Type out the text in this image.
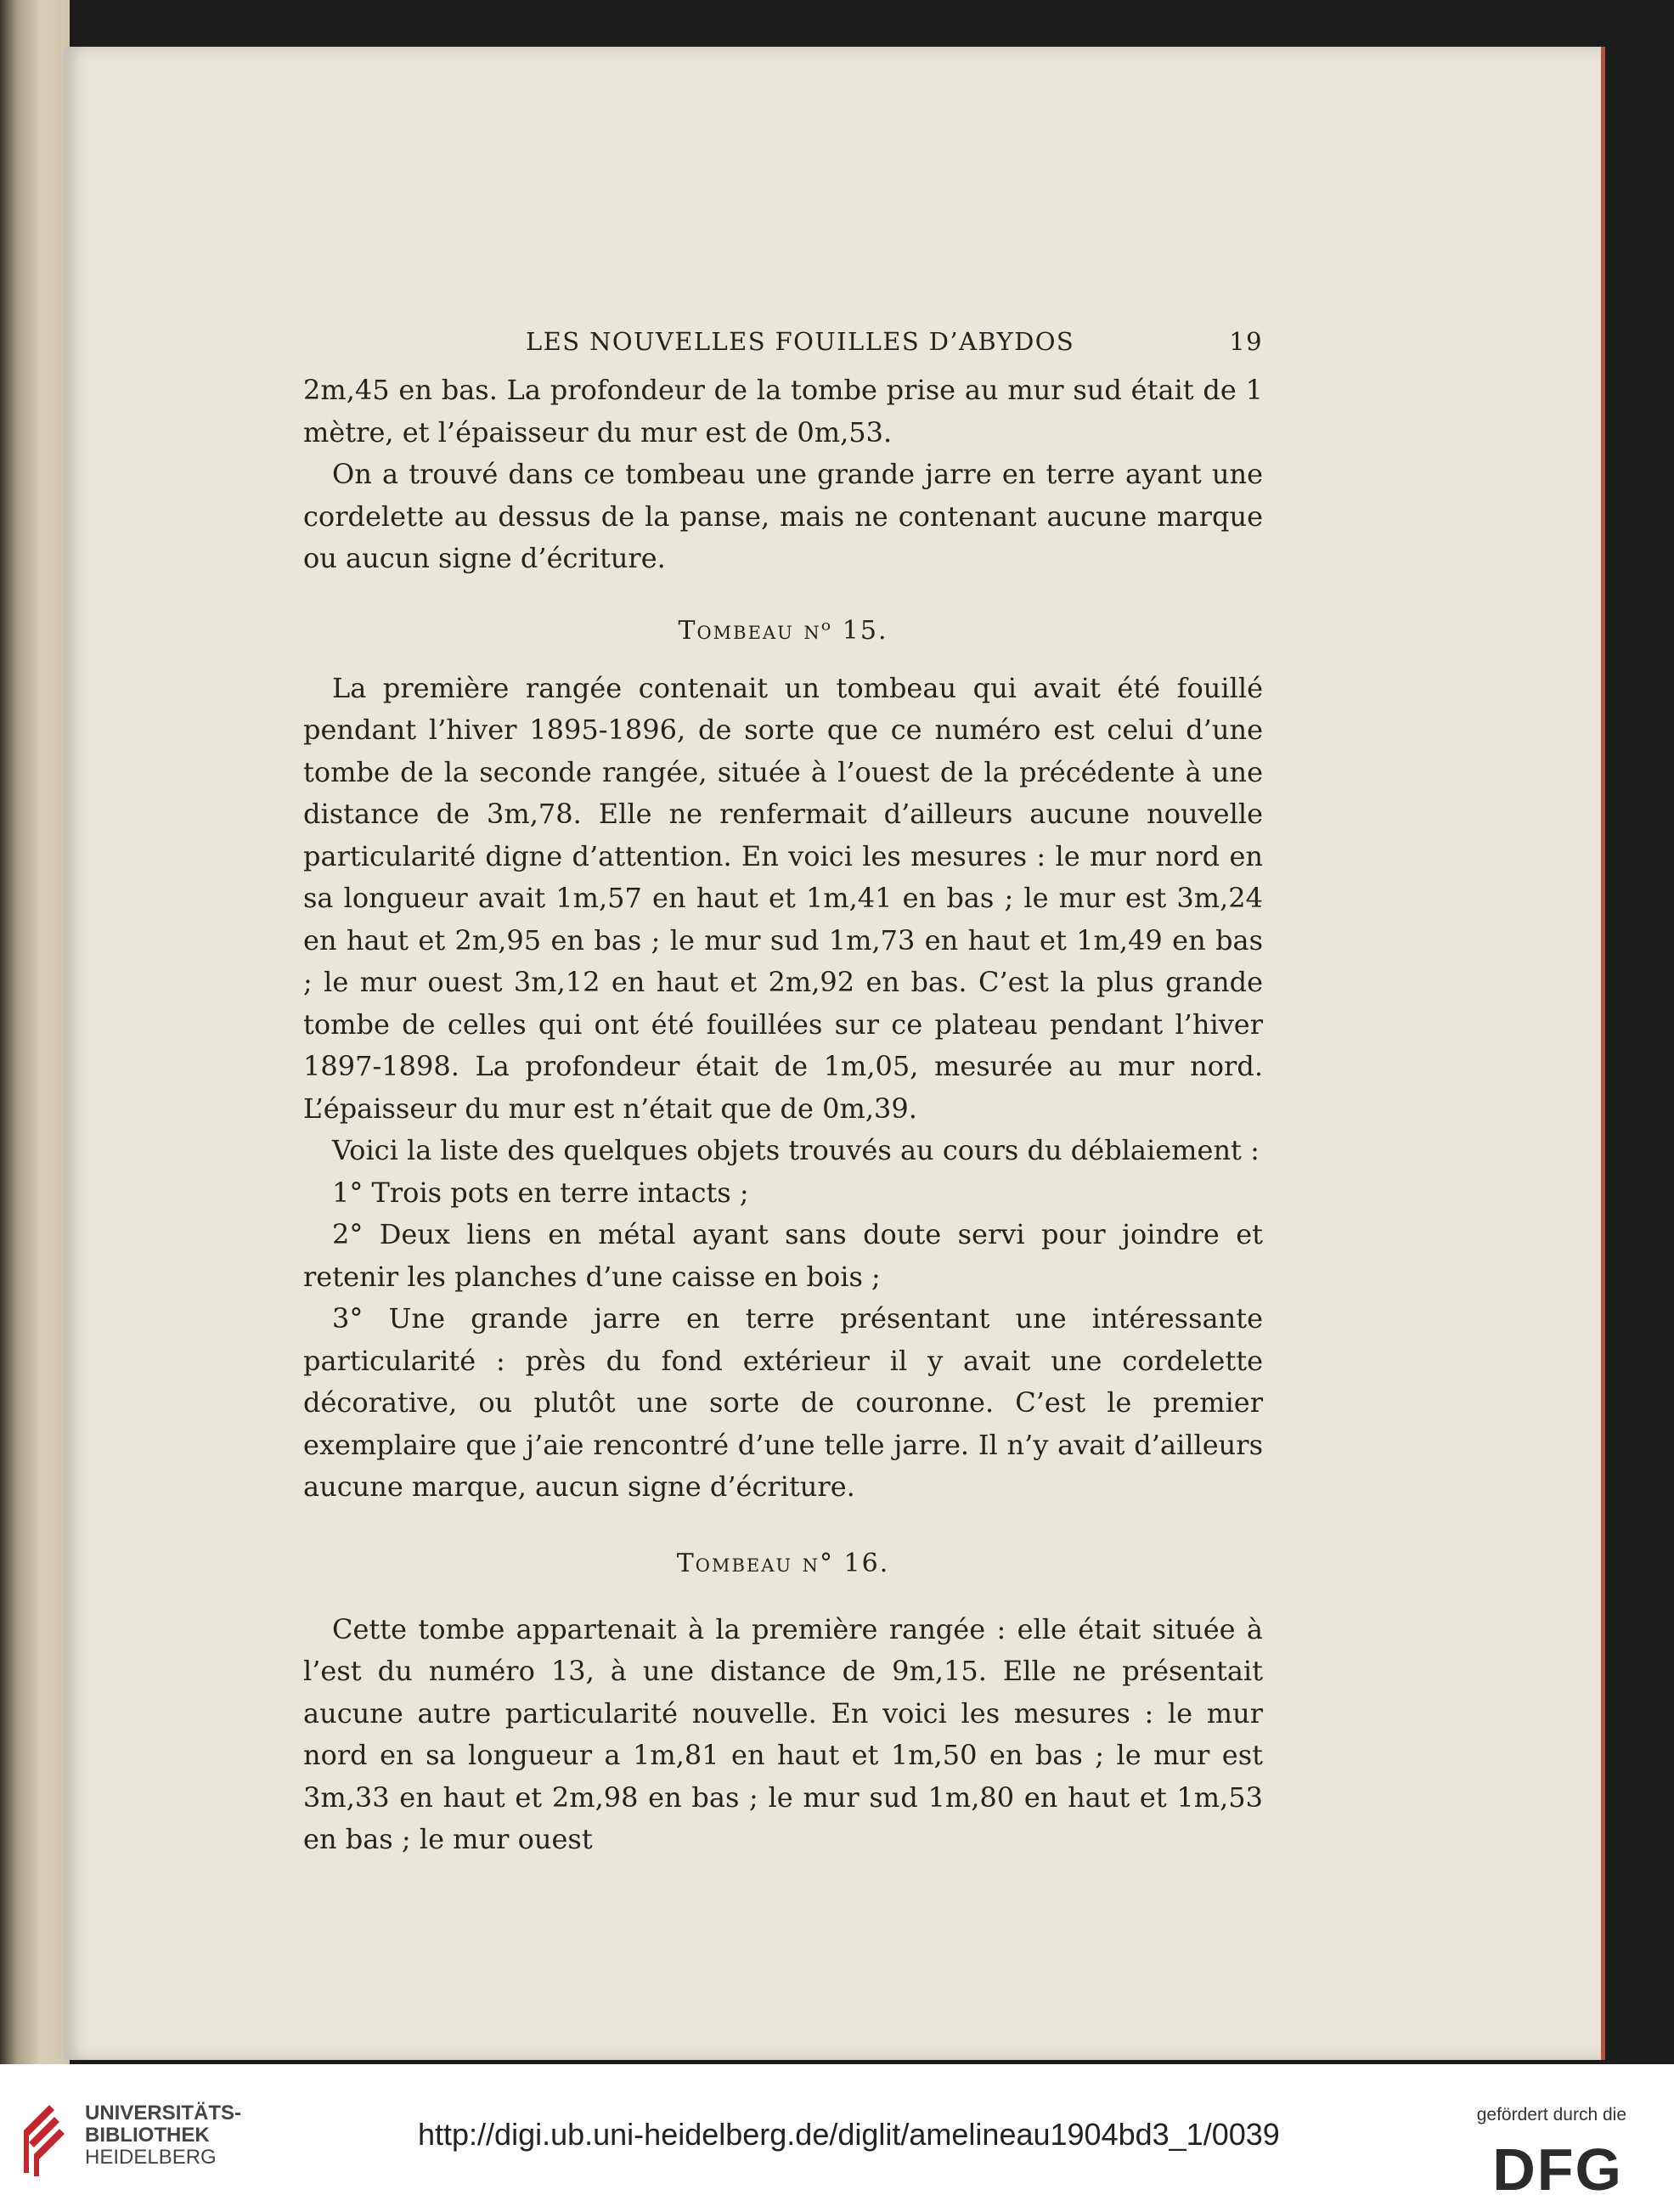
LES NOUVELLES FOUILLES D’ABYDOS	19

2m,45 en bas. La profondeur de la tombe prise au mur sud était de 1 mètre, et l’épaisseur du mur est de 0m,53.

On a trouvé dans ce tombeau une grande jarre en terre ayant une cordelette au dessus de la panse, mais ne contenant aucune marque ou aucun signe d’écriture.

Tombeau nᵒ 15.

La première rangée contenait un tombeau qui avait été fouillé pendant l’hiver 1895-1896, de sorte que ce numéro est celui d’une tombe de la seconde rangée, située à l’ouest de la précédente à une distance de 3m,78. Elle ne renfermait d’ailleurs aucune nouvelle particularité digne d’attention. En voici les mesures : le mur nord en sa longueur avait 1m,57 en haut et 1m,41 en bas ; le mur est 3m,24 en haut et 2m,95 en bas ; le mur sud 1m,73 en haut et 1m,49 en bas ; le mur ouest 3m,12 en haut et 2m,92 en bas. C’est la plus grande tombe de celles qui ont été fouillées sur ce plateau pendant l’hiver 1897-1898. La profondeur était de 1m,05, mesurée au mur nord. L’épaisseur du mur est n’était que de 0m,39.

Voici la liste des quelques objets trouvés au cours du déblaiement :

1° Trois pots en terre intacts ;

2° Deux liens en métal ayant sans doute servi pour joindre et retenir les planches d’une caisse en bois ;

3° Une grande jarre en terre présentant une intéressante particularité : près du fond extérieur il y avait une cordelette décorative, ou plutôt une sorte de couronne. C’est le premier exemplaire que j’aie rencontré d’une telle jarre. Il n’y avait d’ailleurs aucune marque, aucun signe d’écriture.

Tombeau n° 16.

Cette tombe appartenait à la première rangée : elle était située à l’est du numéro 13, à une distance de 9m,15. Elle ne présentait aucune autre particularité nouvelle. En voici les mesures : le mur nord en sa longueur a 1m,81 en haut et 1m,50 en bas ; le mur est 3m,33 en haut et 2m,98 en bas ; le mur sud 1m,80 en haut et 1m,53 en bas ; le mur ouest

UNIVERSITÄTS-
BIBLIOTHEK
HEIDELBERG
http://digi.ub.uni-heidelberg.de/diglit/amelineau1904bd3_1/0039
gefördert durch die
DFG
